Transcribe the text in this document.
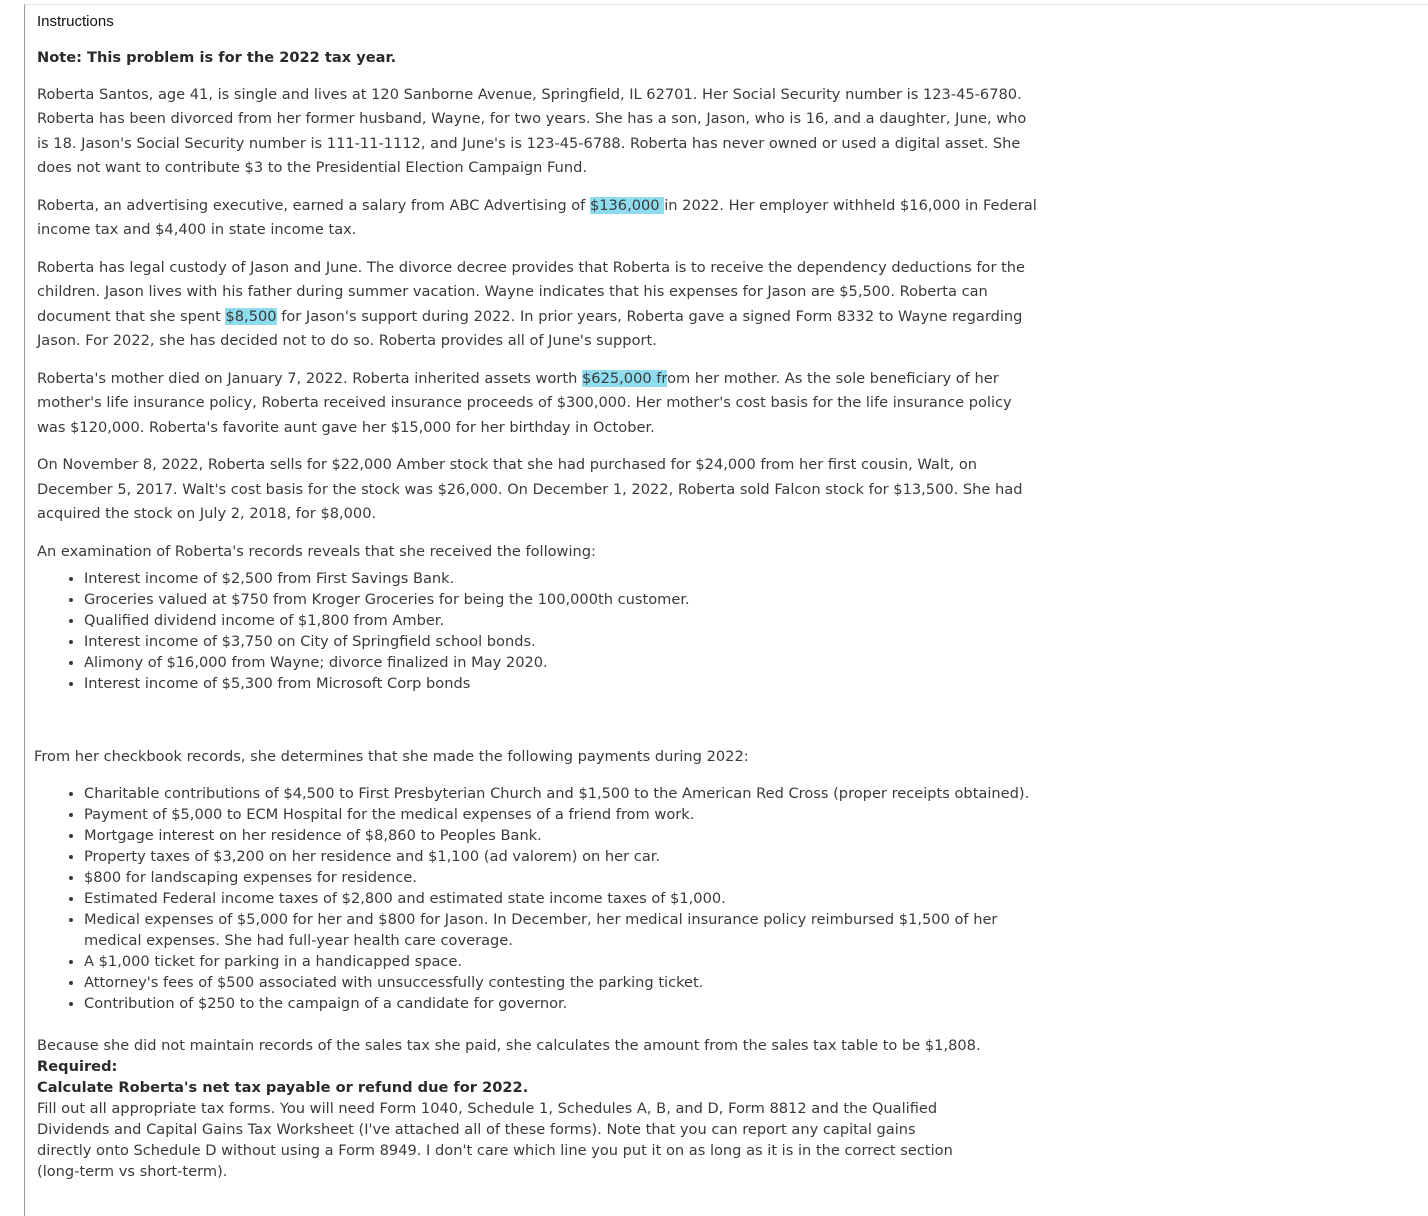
Instructions

Note: This problem is for the 2022 tax year.

Roberta Santos, age 41, is single and lives at 120 Sanborne Avenue, Springfield, IL 62701. Her Social Security number is 123-45-6780. Roberta has been divorced from her former husband, Wayne, for two years. She has a son, Jason, who is 16, and a daughter, June, who is 18. Jason's Social Security number is 111-11-1112, and June's is 123-45-6788. Roberta has never owned or used a digital asset. She does not want to contribute $3 to the Presidential Election Campaign Fund.

Roberta, an advertising executive, earned a salary from ABC Advertising of $136,000 in 2022. Her employer withheld $16,000 in Federal income tax and $4,400 in state income tax.

Roberta has legal custody of Jason and June. The divorce decree provides that Roberta is to receive the dependency deductions for the children. Jason lives with his father during summer vacation. Wayne indicates that his expenses for Jason are $5,500. Roberta can document that she spent $8,500 for Jason's support during 2022. In prior years, Roberta gave a signed Form 8332 to Wayne regarding Jason. For 2022, she has decided not to do so. Roberta provides all of June's support.

Roberta's mother died on January 7, 2022. Roberta inherited assets worth $625,000 from her mother. As the sole beneficiary of her mother's life insurance policy, Roberta received insurance proceeds of $300,000. Her mother's cost basis for the life insurance policy was $120,000. Roberta's favorite aunt gave her $15,000 for her birthday in October.

On November 8, 2022, Roberta sells for $22,000 Amber stock that she had purchased for $24,000 from her first cousin, Walt, on December 5, 2017. Walt's cost basis for the stock was $26,000. On December 1, 2022, Roberta sold Falcon stock for $13,500. She had acquired the stock on July 2, 2018, for $8,000.

An examination of Roberta's records reveals that she received the following:

• Interest income of $2,500 from First Savings Bank.
• Groceries valued at $750 from Kroger Groceries for being the 100,000th customer.
• Qualified dividend income of $1,800 from Amber.
• Interest income of $3,750 on City of Springfield school bonds.
• Alimony of $16,000 from Wayne; divorce finalized in May 2020.
• Interest income of $5,300 from Microsoft Corp bonds

From her checkbook records, she determines that she made the following payments during 2022:

• Charitable contributions of $4,500 to First Presbyterian Church and $1,500 to the American Red Cross (proper receipts obtained).
• Payment of $5,000 to ECM Hospital for the medical expenses of a friend from work.
• Mortgage interest on her residence of $8,860 to Peoples Bank.
• Property taxes of $3,200 on her residence and $1,100 (ad valorem) on her car.
• $800 for landscaping expenses for residence.
• Estimated Federal income taxes of $2,800 and estimated state income taxes of $1,000.
• Medical expenses of $5,000 for her and $800 for Jason. In December, her medical insurance policy reimbursed $1,500 of her medical expenses. She had full-year health care coverage.
• A $1,000 ticket for parking in a handicapped space.
• Attorney's fees of $500 associated with unsuccessfully contesting the parking ticket.
• Contribution of $250 to the campaign of a candidate for governor.

Because she did not maintain records of the sales tax she paid, she calculates the amount from the sales tax table to be $1,808.

Required:

Calculate Roberta's net tax payable or refund due for 2022.

Fill out all appropriate tax forms. You will need Form 1040, Schedule 1, Schedules A, B, and D, Form 8812 and the Qualified

Dividends and Capital Gains Tax Worksheet (I've attached all of these forms). Note that you can report any capital gains

directly onto Schedule D without using a Form 8949. I don't care which line you put it on as long as it is in the correct section

(long-term vs short-term).
